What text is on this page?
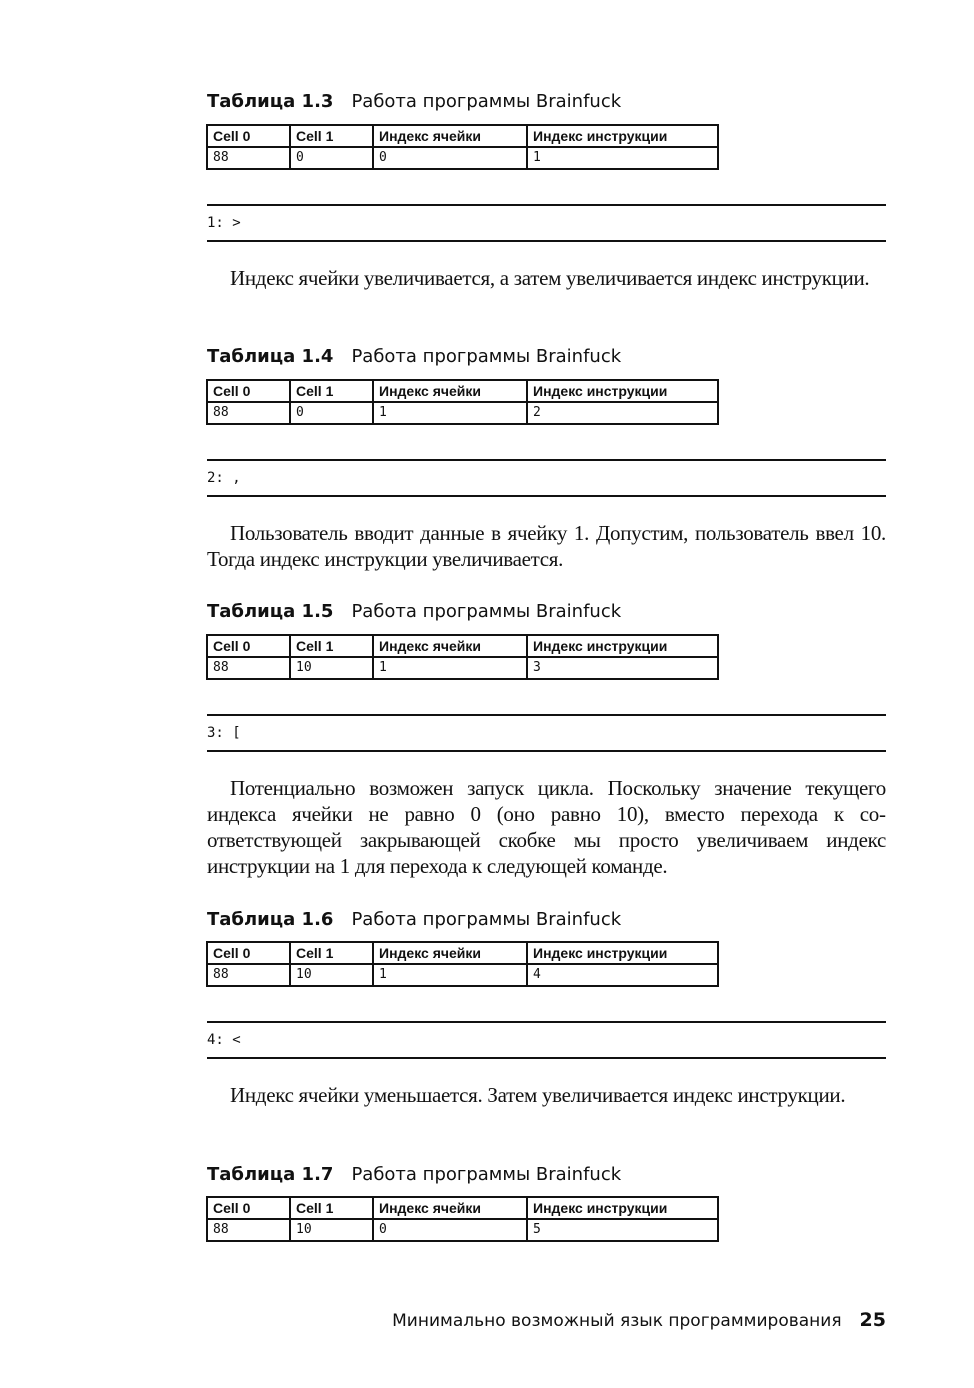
Таблица 1.3 Работа программы Brainfuck
Cell 0	Cell 1	Индекс ячейки	Индекс инструкции
88	0	0	1
1: >
Индекс ячейки увеличивается, а затем увеличивается индекс инструкции.
Таблица 1.4 Работа программы Brainfuck
Cell 0	Cell 1	Индекс ячейки	Индекс инструкции
88	0	1	2
2: ,
Пользователь вводит данные в ячейку 1. Допустим, пользователь ввел 10. Тогда индекс инструкции увеличивается.
Таблица 1.5 Работа программы Brainfuck
Cell 0	Cell 1	Индекс ячейки	Индекс инструкции
88	10	1	3
3: [
Потенциально возможен запуск цикла. Поскольку значение текущего индекса ячейки не равно 0 (оно равно 10), вместо перехода к соответствующей закрывающей скобке мы просто увеличиваем индекс инструкции на 1 для перехода к следующей команде.
Таблица 1.6 Работа программы Brainfuck
Cell 0	Cell 1	Индекс ячейки	Индекс инструкции
88	10	1	4
4: <
Индекс ячейки уменьшается. Затем увеличивается индекс инструкции.
Таблица 1.7 Работа программы Brainfuck
Cell 0	Cell 1	Индекс ячейки	Индекс инструкции
88	10	0	5
Минимально возможный язык программирования 25
